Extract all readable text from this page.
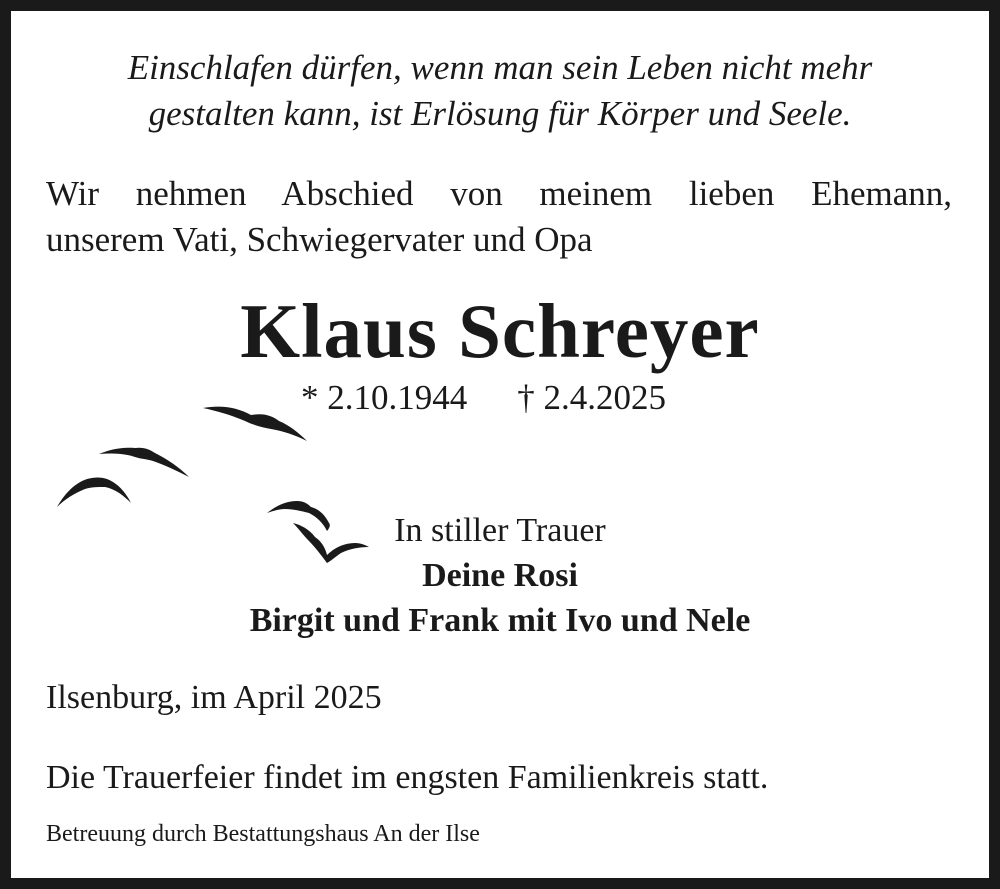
Einschlafen dürfen, wenn man sein Leben nicht mehr
gestalten kann, ist Erlösung für Körper und Seele.
Wir nehmen Abschied von meinem lieben Ehemann,
unserem Vati, Schwiegervater und Opa
Klaus Schreyer
* 2.10.1944 † 2.4.2025
In stiller Trauer
Deine Rosi
Birgit und Frank mit Ivo und Nele
Ilsenburg, im April 2025
Die Trauerfeier findet im engsten Familienkreis statt.
Betreuung durch Bestattungshaus An der Ilse
